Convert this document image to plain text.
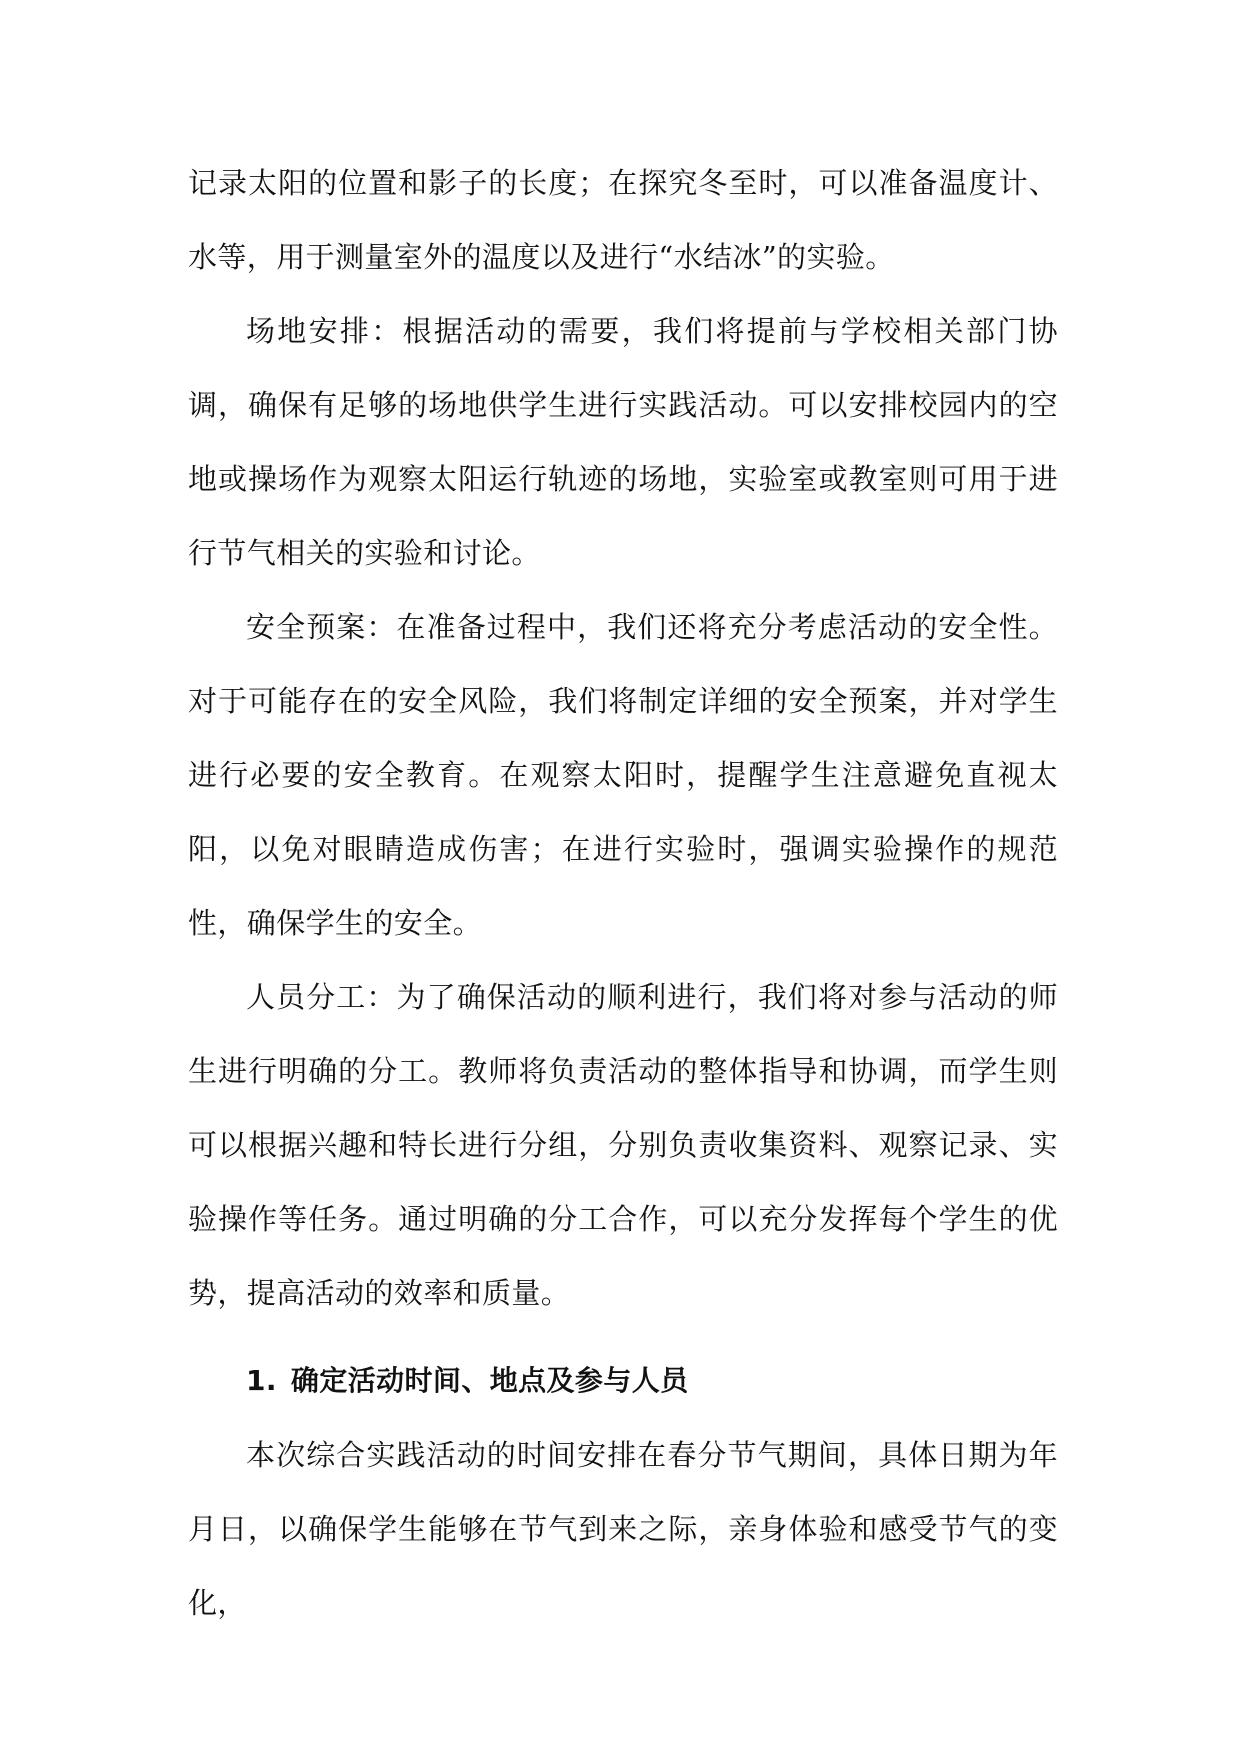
记录太阳的位置和影子的长度；在探究冬至时，可以准备温度计、水等，用于测量室外的温度以及进行“水结冰”的实验。

场地安排：根据活动的需要，我们将提前与学校相关部门协调，确保有足够的场地供学生进行实践活动。可以安排校园内的空地或操场作为观察太阳运行轨迹的场地，实验室或教室则可用于进行节气相关的实验和讨论。

安全预案：在准备过程中，我们还将充分考虑活动的安全性。对于可能存在的安全风险，我们将制定详细的安全预案，并对学生进行必要的安全教育。在观察太阳时，提醒学生注意避免直视太阳，以免对眼睛造成伤害；在进行实验时，强调实验操作的规范性，确保学生的安全。

人员分工：为了确保活动的顺利进行，我们将对参与活动的师生进行明确的分工。教师将负责活动的整体指导和协调，而学生则可以根据兴趣和特长进行分组，分别负责收集资料、观察记录、实验操作等任务。通过明确的分工合作，可以充分发挥每个学生的优势，提高活动的效率和质量。

1. 确定活动时间、地点及参与人员

本次综合实践活动的时间安排在春分节气期间，具体日期为年月日，以确保学生能够在节气到来之际，亲身体验和感受节气的变化，
